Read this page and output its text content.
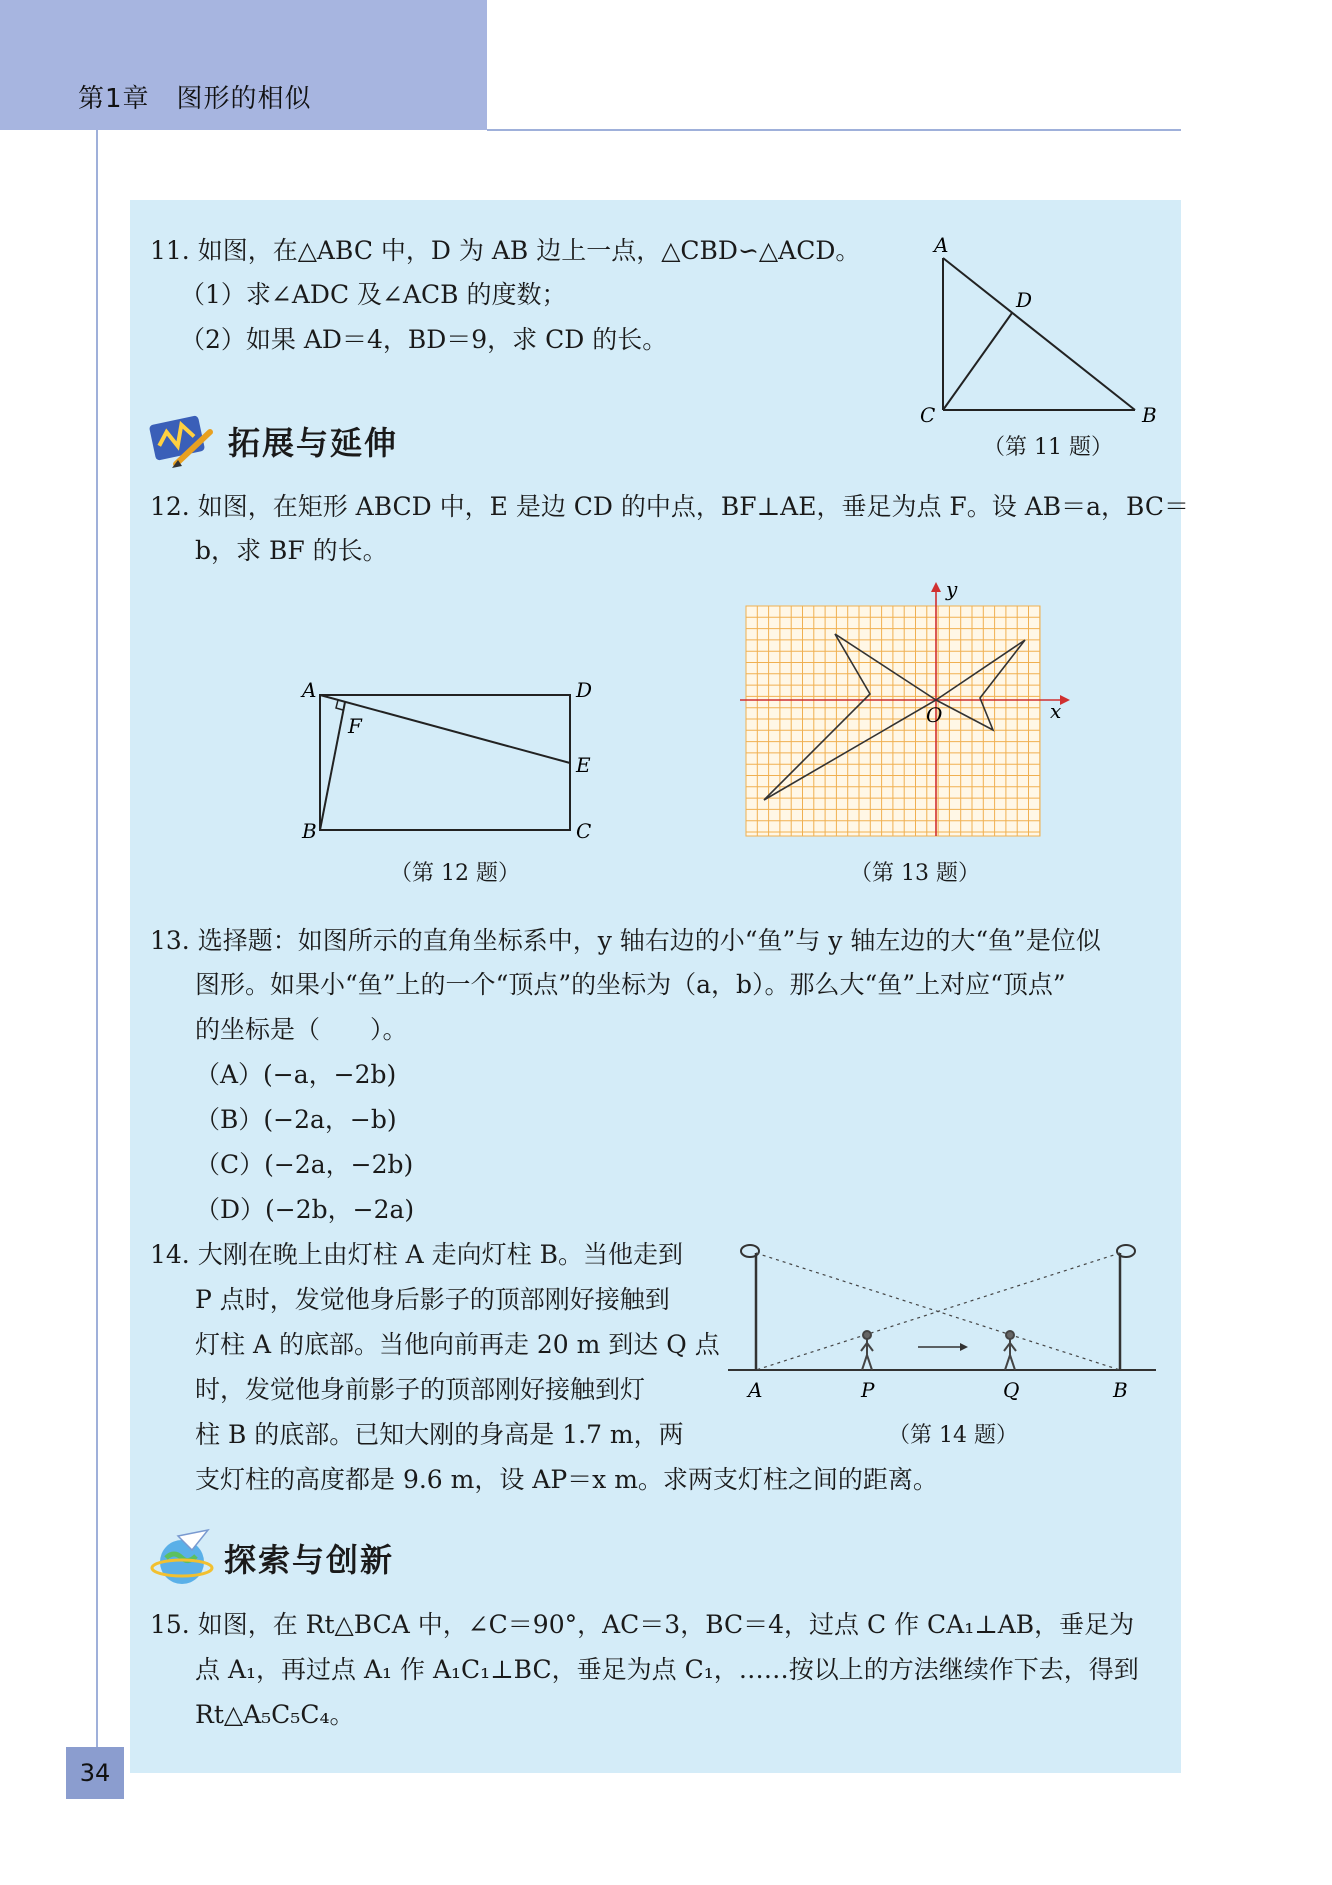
第1章　图形的相似
11. 如图，在△ABC 中，D 为 AB 边上一点，△CBD∽△ACD。
（1）求∠ADC 及∠ACB 的度数；
（2）如果 AD＝4，BD＝9，求 CD 的长。
A
D
C	B
（第 11 题）
拓展与延伸
12. 如图，在矩形 ABCD 中，E 是边 CD 的中点，BF⊥AE，垂足为点 F。设 AB＝a，BC＝
b，求 BF 的长。
A	D
F
E
B	C
（第 12 题）
y
x
O
（第 13 题）
13. 选择题：如图所示的直角坐标系中，y 轴右边的小“鱼”与 y 轴左边的大“鱼”是位似
图形。如果小“鱼”上的一个“顶点”的坐标为（a，b）。那么大“鱼”上对应“顶点”
的坐标是（　　）。
（A）(−a，−2b)
（B）(−2a，−b)
（C）(−2a，−2b)
（D）(−2b，−2a)
14. 大刚在晚上由灯柱 A 走向灯柱 B。当他走到
P 点时，发觉他身后影子的顶部刚好接触到
灯柱 A 的底部。当他向前再走 20 m 到达 Q 点
时，发觉他身前影子的顶部刚好接触到灯
柱 B 的底部。已知大刚的身高是 1.7 m，两
支灯柱的高度都是 9.6 m，设 AP＝x m。求两支灯柱之间的距离。
A	P	Q	B
（第 14 题）
探索与创新
15. 如图，在 Rt△BCA 中，∠C＝90°，AC＝3，BC＝4，过点 C 作 CA₁⊥AB，垂足为
点 A₁，再过点 A₁ 作 A₁C₁⊥BC，垂足为点 C₁，……按以上的方法继续作下去，得到
Rt△A₅C₅C₄。
34
